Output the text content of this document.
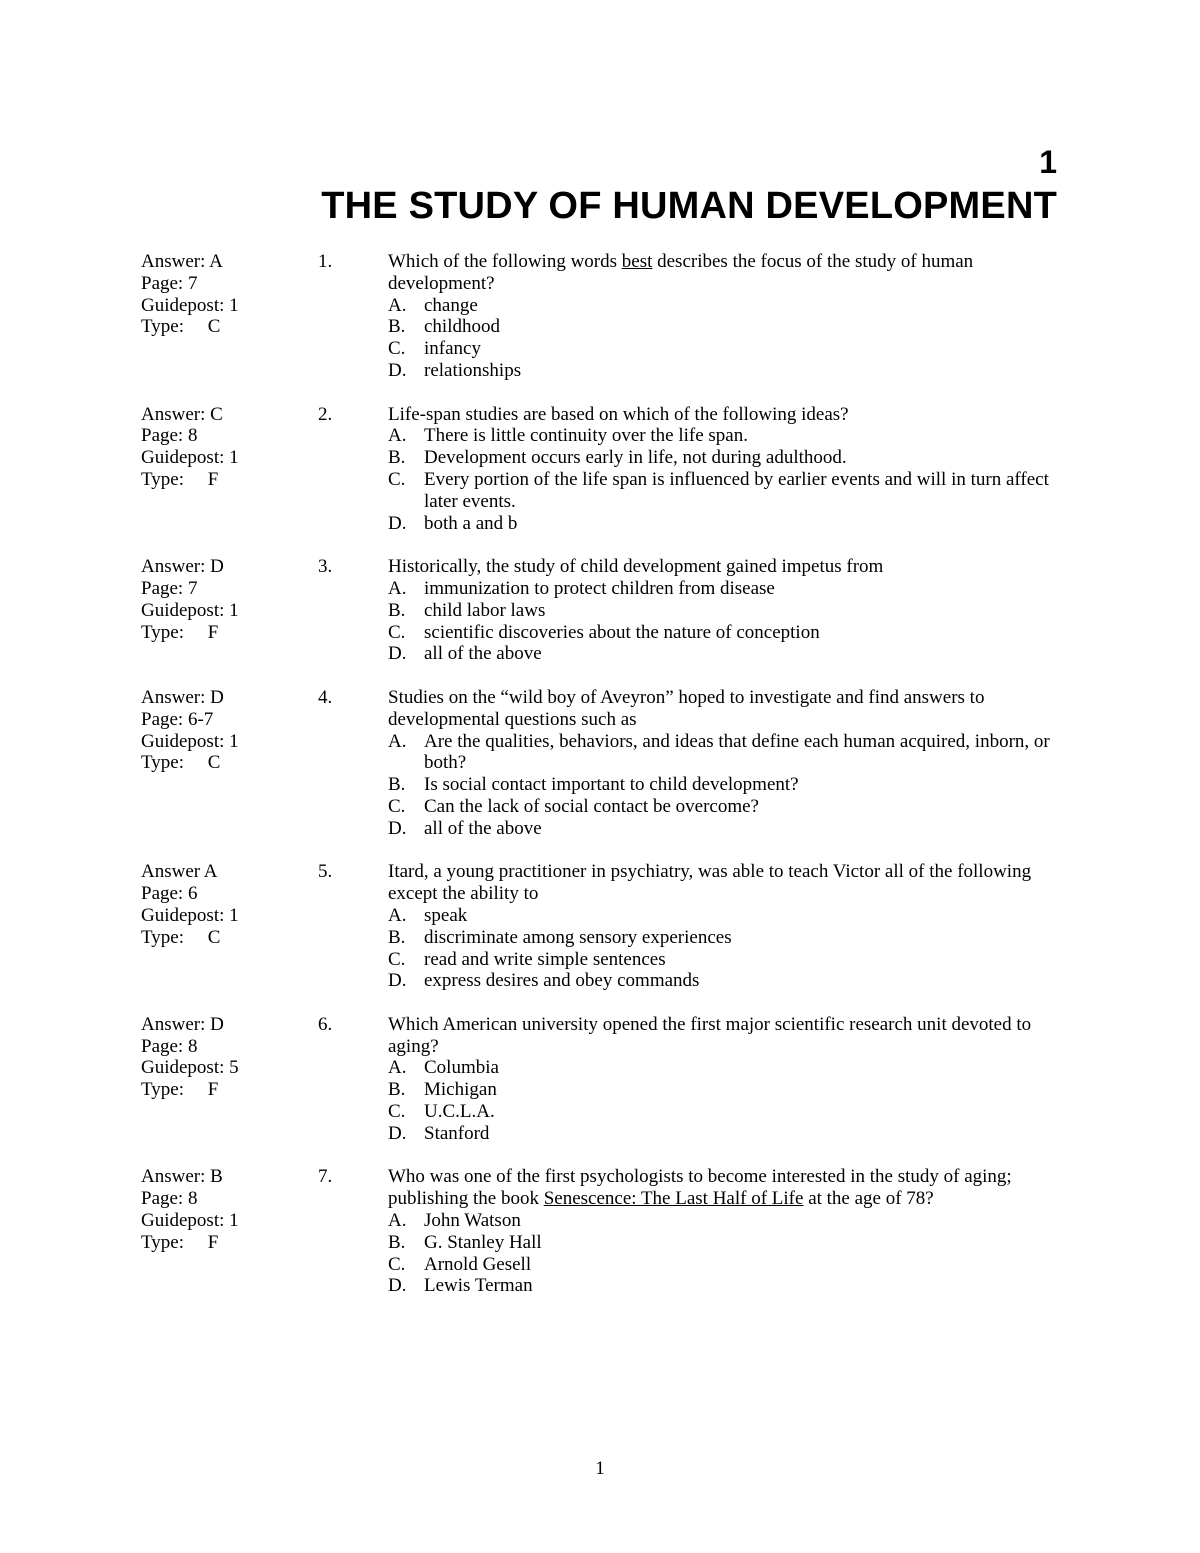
1
THE STUDY OF HUMAN DEVELOPMENT
Answer: A
Page: 7
Guidepost: 1
Type:     C
1.	Which of the following words best describes the focus of the study of human development?

A. change
B. childhood
C. infancy
D. relationships
Answer: C
Page: 8
Guidepost: 1
Type:     F
2.	Life-span studies are based on which of the following ideas?

A. There is little continuity over the life span.
B. Development occurs early in life, not during adulthood.
C. Every portion of the life span is influenced by earlier events and will in turn affect later events.
D. both a and b
Answer: D
Page: 7
Guidepost: 1
Type:     F
3.	Historically, the study of child development gained impetus from

A. immunization to protect children from disease
B. child labor laws
C. scientific discoveries about the nature of conception
D. all of the above
Answer: D
Page: 6-7
Guidepost: 1
Type:     C
4.	Studies on the “wild boy of Aveyron” hoped to investigate and find answers to developmental questions such as

A. Are the qualities, behaviors, and ideas that define each human acquired, inborn, or both?
B. Is social contact important to child development?
C. Can the lack of social contact be overcome?
D. all of the above
Answer A
Page: 6
Guidepost: 1
Type:     C
5.	Itard, a young practitioner in psychiatry, was able to teach Victor all of the following except the ability to

A. speak
B. discriminate among sensory experiences
C. read and write simple sentences
D. express desires and obey commands
Answer: D
Page: 8
Guidepost: 5
Type:     F
6.	Which American university opened the first major scientific research unit devoted to aging?

A. Columbia
B. Michigan
C. U.C.L.A.
D. Stanford
Answer: B
Page: 8
Guidepost: 1
Type:     F
7.	Who was one of the first psychologists to become interested in the study of aging; publishing the book Senescence: The Last Half of Life at the age of 78?

A. John Watson
B. G. Stanley Hall
C. Arnold Gesell
D. Lewis Terman
1
